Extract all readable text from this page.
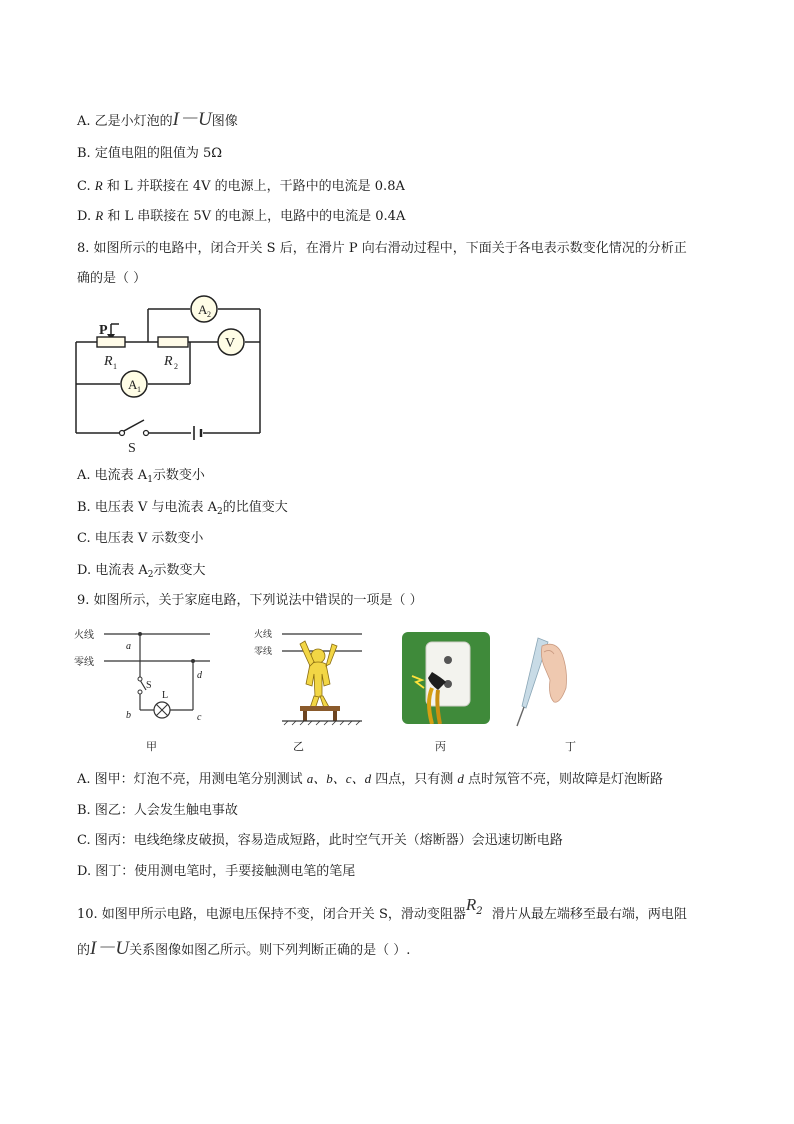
A. 乙是小灯泡的I－U图像
B. 定值电阻的阻值为 5Ω
C. R 和 L 并联接在 4V 的电源上，干路中的电流是 0.8A
D. R 和 L 串联接在 5V 的电源上，电路中的电流是 0.4A
8. 如图所示的电路中，闭合开关 S 后，在滑片 P 向右滑动过程中，下面关于各电表示数变化情况的分析正
确的是（ ）
A 2
V
A 1
P
R 1	R 2
S
A. 电流表 $A_1$示数变小
B. 电压表 V 与电流表 $A_2$的比值变大
C. 电压表 V 示数变小
D. 电流表 $A_2$示数变大
9. 如图所示，关于家庭电路，下列说法中错误的一项是（ ）
火线
零线
a
b	c
d
S
L
火线
零线
甲	乙	丙	丁
A. 图甲：灯泡不亮，用测电笔分别测试 a、b、c、d 四点，只有测 d 点时氖管不亮，则故障是灯泡断路
B. 图乙：人会发生触电事故
C. 图丙：电线绝缘皮破损，容易造成短路，此时空气开关（熔断器）会迅速切断电路
D. 图丁：使用测电笔时，手要接触测电笔的笔尾
10. 如图甲所示电路，电源电压保持不变，闭合开关 S，滑动变阻器$R^2$ 滑片从最左端移至最右端，两电阻
的I－U关系图像如图乙所示。则下列判断正确的是（ ）.
